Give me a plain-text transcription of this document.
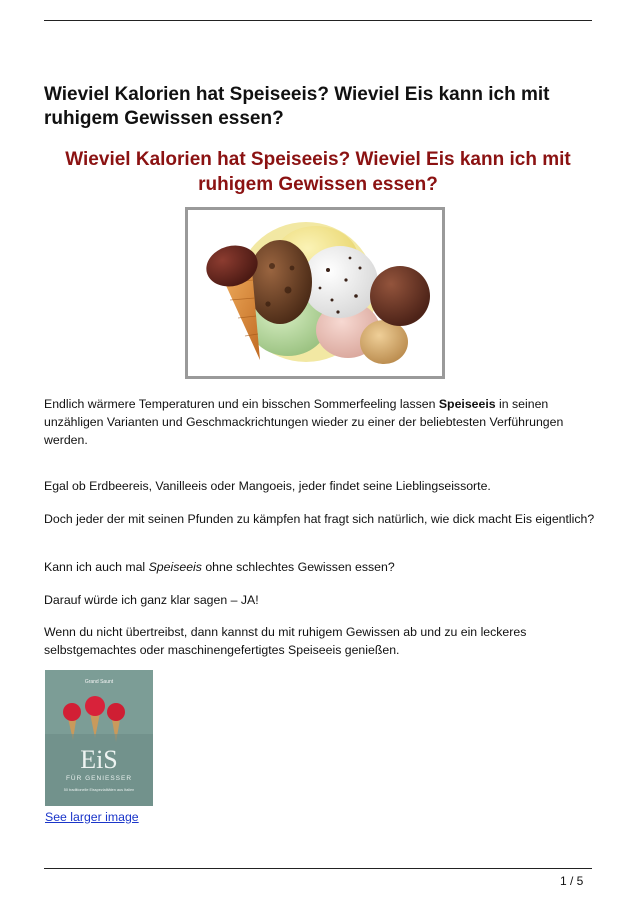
Wieviel Kalorien hat Speiseeis? Wieviel Eis kann ich mit ruhigem Gewissen essen?
Wieviel Kalorien hat Speiseeis? Wieviel Eis kann ich mit ruhigem Gewissen essen?

Endlich wärmere Temperaturen und ein bisschen Sommerfeeling lassen Speiseeis in seinen unzähligen Varianten und Geschmackrichtungen wieder zu einer der beliebtesten Verführungen werden.

Egal ob Erdbeereis, Vanilleeis oder Mangoeis, jeder findet seine Lieblingseissorte.

Doch jeder der mit seinen Pfunden zu kämpfen hat fragt sich natürlich, wie dick macht Eis eigentlich?

Kann ich auch mal Speiseeis ohne schlechtes Gewissen essen?

Darauf würde ich ganz klar sagen – JA!

Wenn du nicht übertreibst, dann kannst du mit ruhigem Gewissen ab und zu ein leckeres selbstgemachtes oder maschinengefertigtes Speiseeis genießen.

EiS
FÜR GENIESSER
Grand Saunt
50 traditionelle Eisspezialitäten aus Italien
See larger image
1 / 5
